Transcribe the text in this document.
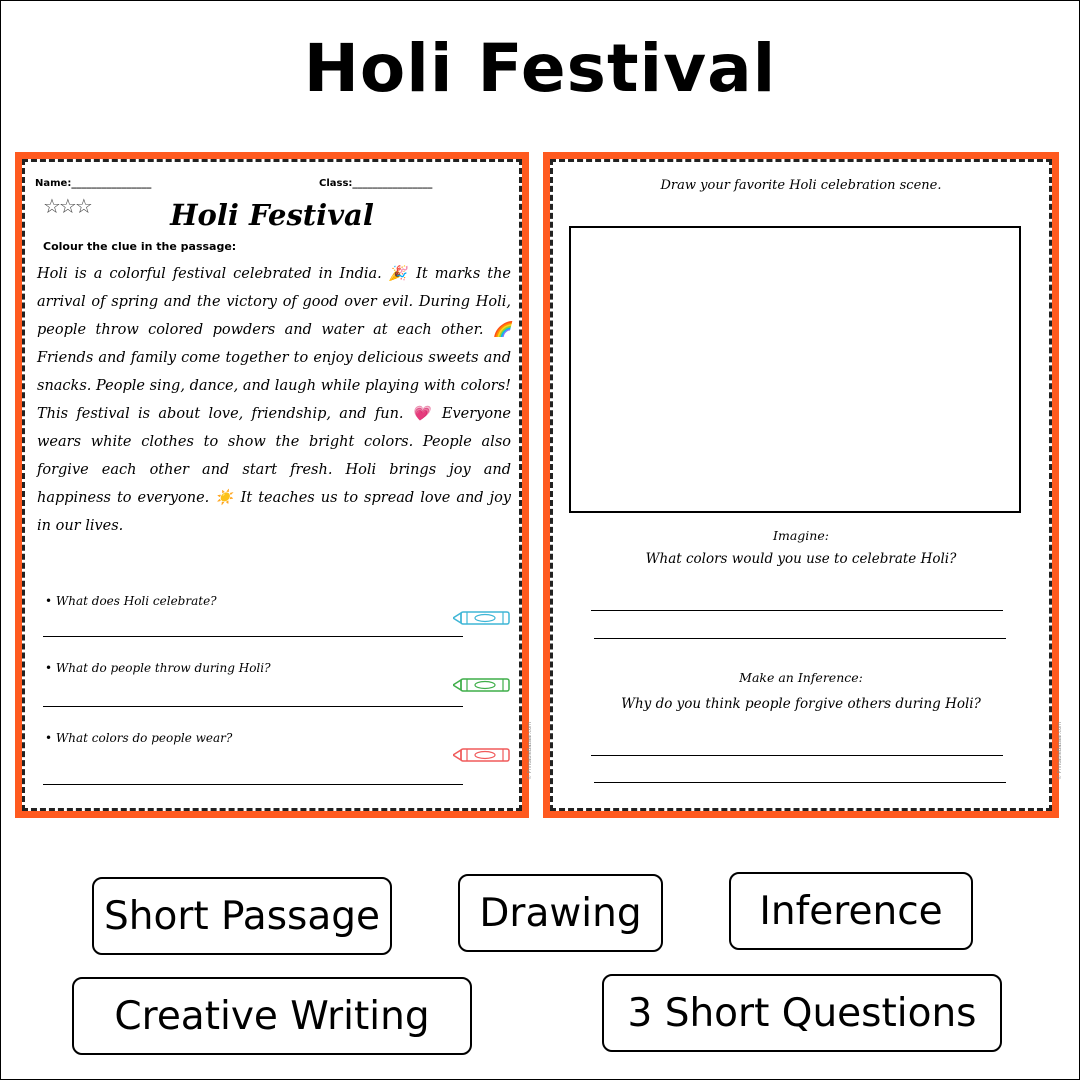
Holi Festival
Name:________________	Class:________________
☆☆☆	Holi Festival
Colour the clue in the passage:
Holi is a colorful festival celebrated in India. 🎉 It marks the arrival of spring and the victory of good over evil. During Holi, people throw colored powders and water at each other. 🌈 Friends and family come together to enjoy delicious sweets and snacks. People sing, dance, and laugh while playing with colors! This festival is about love, friendship, and fun. 💗 Everyone wears white clothes to show the bright colors. People also forgive each other and start fresh. Holi brings joy and happiness to everyone. ☀️ It teaches us to spread love and joy in our lives.
• What does Holi celebrate?
• What do people throw during Holi?
• What colors do people wear?	© PrintableBazaar.com
Draw your favorite Holi celebration scene.
Imagine:
What colors would you use to celebrate Holi?
Make an Inference:
Why do you think people forgive others during Holi?
© PrintableBazaar.com
Short Passage	Drawing	Inference
Creative Writing	3 Short Questions
